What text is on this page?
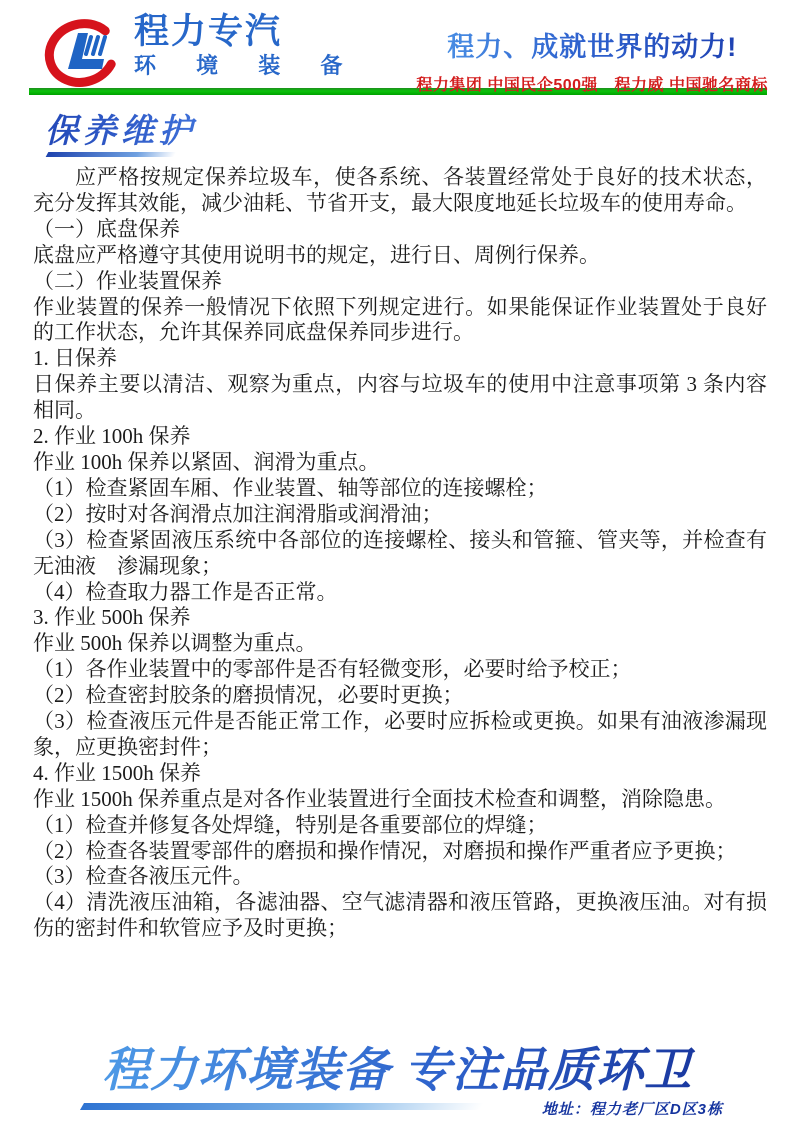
程力专汽
环 境 装 备
程力、成就世界的动力!
程力集团 中国民企500强　程力威 中国驰名商标
保养维护

应严格按规定保养垃圾车，使各系统、各装置经常处于良好的技术状态，充分发挥其效能，减少油耗、节省开支，最大限度地延长垃圾车的使用寿命。

（一）底盘保养

底盘应严格遵守其使用说明书的规定，进行日、周例行保养。

（二）作业装置保养

作业装置的保养一般情况下依照下列规定进行。如果能保证作业装置处于良好的工作状态，允许其保养同底盘保养同步进行。

1. 日保养

日保养主要以清洁、观察为重点，内容与垃圾车的使用中注意事项第 3 条内容相同。

2. 作业 100h 保养

作业 100h 保养以紧固、润滑为重点。

（1）检查紧固车厢、作业装置、轴等部位的连接螺栓；

（2）按时对各润滑点加注润滑脂或润滑油；

（3）检查紧固液压系统中各部位的连接螺栓、接头和管箍、管夹等，并检查有无油液　渗漏现象；

（4）检查取力器工作是否正常。

3. 作业 500h 保养

作业 500h 保养以调整为重点。

（1）各作业装置中的零部件是否有轻微变形，必要时给予校正；

（2）检查密封胶条的磨损情况，必要时更换；

（3）检查液压元件是否能正常工作，必要时应拆检或更换。如果有油液渗漏现象，应更换密封件；

4. 作业 1500h 保养

作业 1500h 保养重点是对各作业装置进行全面技术检查和调整，消除隐患。

（1）检查并修复各处焊缝，特别是各重要部位的焊缝；

（2）检查各装置零部件的磨损和操作情况，对磨损和操作严重者应予更换；

（3）检查各液压元件。

（4）清洗液压油箱，各滤油器、空气滤清器和液压管路，更换液压油。对有损伤的密封件和软管应予及时更换；

程力环境装备 专注品质环卫
地址：程力老厂区D区3栋
